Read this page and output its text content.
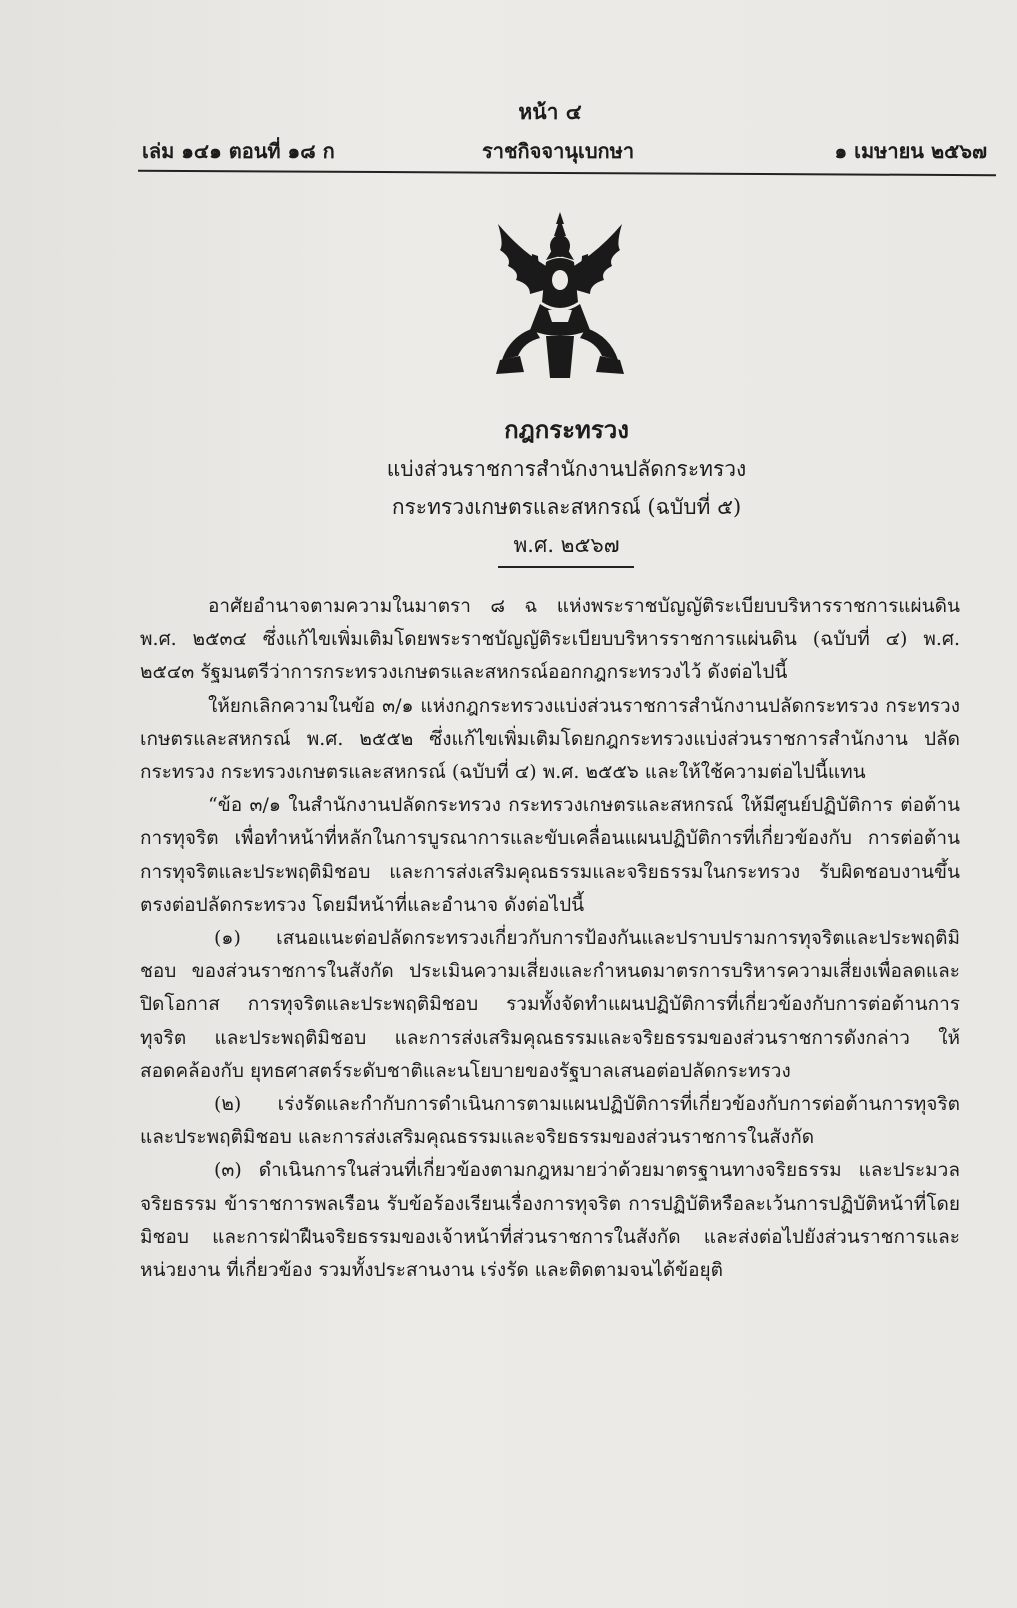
หน้า ๔
เล่ม ๑๔๑ ตอนที่ ๑๘ ก	ราชกิจจานุเบกษา	๑ เมษายน ๒๕๖๗
กฎกระทรวง
แบ่งส่วนราชการสำนักงานปลัดกระทรวง
กระทรวงเกษตรและสหกรณ์ (ฉบับที่ ๕)
พ.ศ. ๒๕๖๗

อาศัยอำนาจตามความในมาตรา ๘ ฉ แห่งพระราชบัญญัติระเบียบบริหารราชการแผ่นดิน พ.ศ. ๒๕๓๔ ซึ่งแก้ไขเพิ่มเติมโดยพระราชบัญญัติระเบียบบริหารราชการแผ่นดิน (ฉบับที่ ๔) พ.ศ. ๒๕๔๓ รัฐมนตรีว่าการกระทรวงเกษตรและสหกรณ์ออกกฎกระทรวงไว้ ดังต่อไปนี้

ให้ยกเลิกความในข้อ ๓/๑ แห่งกฎกระทรวงแบ่งส่วนราชการสำนักงานปลัดกระทรวง กระทรวงเกษตรและสหกรณ์ พ.ศ. ๒๕๕๒ ซึ่งแก้ไขเพิ่มเติมโดยกฎกระทรวงแบ่งส่วนราชการสำนักงาน ปลัดกระทรวง กระทรวงเกษตรและสหกรณ์ (ฉบับที่ ๔) พ.ศ. ๒๕๕๖ และให้ใช้ความต่อไปนี้แทน

“ข้อ ๓/๑ ในสำนักงานปลัดกระทรวง กระทรวงเกษตรและสหกรณ์ ให้มีศูนย์ปฏิบัติการ ต่อต้านการทุจริต เพื่อทำหน้าที่หลักในการบูรณาการและขับเคลื่อนแผนปฏิบัติการที่เกี่ยวข้องกับ การต่อต้านการทุจริตและประพฤติมิชอบ และการส่งเสริมคุณธรรมและจริยธรรมในกระทรวง รับผิดชอบงานขึ้นตรงต่อปลัดกระทรวง โดยมีหน้าที่และอำนาจ ดังต่อไปนี้

(๑) เสนอแนะต่อปลัดกระทรวงเกี่ยวกับการป้องกันและปราบปรามการทุจริตและประพฤติมิชอบ ของส่วนราชการในสังกัด ประเมินความเสี่ยงและกำหนดมาตรการบริหารความเสี่ยงเพื่อลดและปิดโอกาส การทุจริตและประพฤติมิชอบ รวมทั้งจัดทำแผนปฏิบัติการที่เกี่ยวข้องกับการต่อต้านการทุจริต และประพฤติมิชอบ และการส่งเสริมคุณธรรมและจริยธรรมของส่วนราชการดังกล่าว ให้สอดคล้องกับ ยุทธศาสตร์ระดับชาติและนโยบายของรัฐบาลเสนอต่อปลัดกระทรวง

(๒) เร่งรัดและกำกับการดำเนินการตามแผนปฏิบัติการที่เกี่ยวข้องกับการต่อต้านการทุจริต และประพฤติมิชอบ และการส่งเสริมคุณธรรมและจริยธรรมของส่วนราชการในสังกัด

(๓) ดำเนินการในส่วนที่เกี่ยวข้องตามกฎหมายว่าด้วยมาตรฐานทางจริยธรรม และประมวลจริยธรรม ข้าราชการพลเรือน รับข้อร้องเรียนเรื่องการทุจริต การปฏิบัติหรือละเว้นการปฏิบัติหน้าที่โดยมิชอบ และการฝ่าฝืนจริยธรรมของเจ้าหน้าที่ส่วนราชการในสังกัด และส่งต่อไปยังส่วนราชการและหน่วยงาน ที่เกี่ยวข้อง รวมทั้งประสานงาน เร่งรัด และติดตามจนได้ข้อยุติ
